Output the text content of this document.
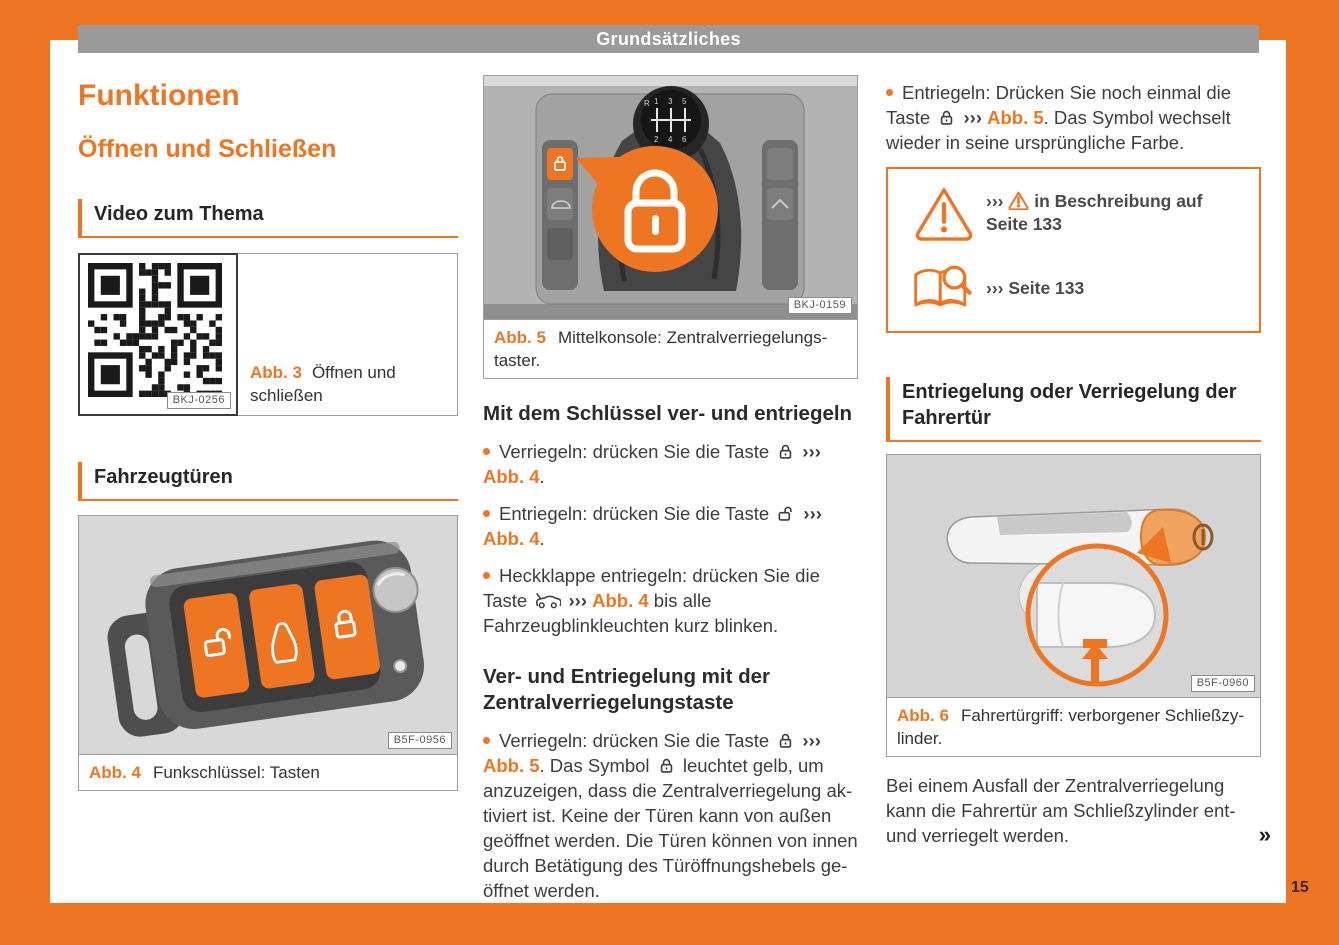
Grundsätzliches
Funktionen
Öffnen und Schließen
Video zum Thema
BKJ-0256
Abb. 3 Öffnen und schließen
Fahrzeugtüren
B5F-0956
Abb. 4 Funkschlüssel: Tasten
R 1 3 5
2 4 6
BKJ-0159
Abb. 5 Mittelkonsole: Zentralverriegelungstaster.
Mit dem Schlüssel ver- und entriegeln

Verriegeln: drücken Sie die Taste ››› Abb. 4.

Entriegeln: drücken Sie die Taste ››› Abb. 4.

Heckklappe entriegeln: drücken Sie die Taste ››› Abb. 4 bis alle Fahrzeugblinkleuchten kurz blinken.

Ver- und Entriegelung mit der Zentralverriegelungstaste

Verriegeln: drücken Sie die Taste ››› Abb. 5. Das Symbol leuchtet gelb, um anzuzeigen, dass die Zentralverriegelung aktiviert ist. Keine der Türen kann von außen geöffnet werden. Die Türen können von innen durch Betätigung des Türöffnungshebels geöffnet werden.

Entriegeln: Drücken Sie noch einmal die Taste ››› Abb. 5. Das Symbol wechselt wieder in seine ursprüngliche Farbe.

››› in Beschreibung auf Seite 133
››› Seite 133
Entriegelung oder Verriegelung der Fahrertür
B5F-0960
Abb. 6 Fahrertürgriff: verborgener Schließzylinder.

Bei einem Ausfall der Zentralverriegelung kann die Fahrertür am Schließzylinder ent- und verriegelt werden.	»
15
